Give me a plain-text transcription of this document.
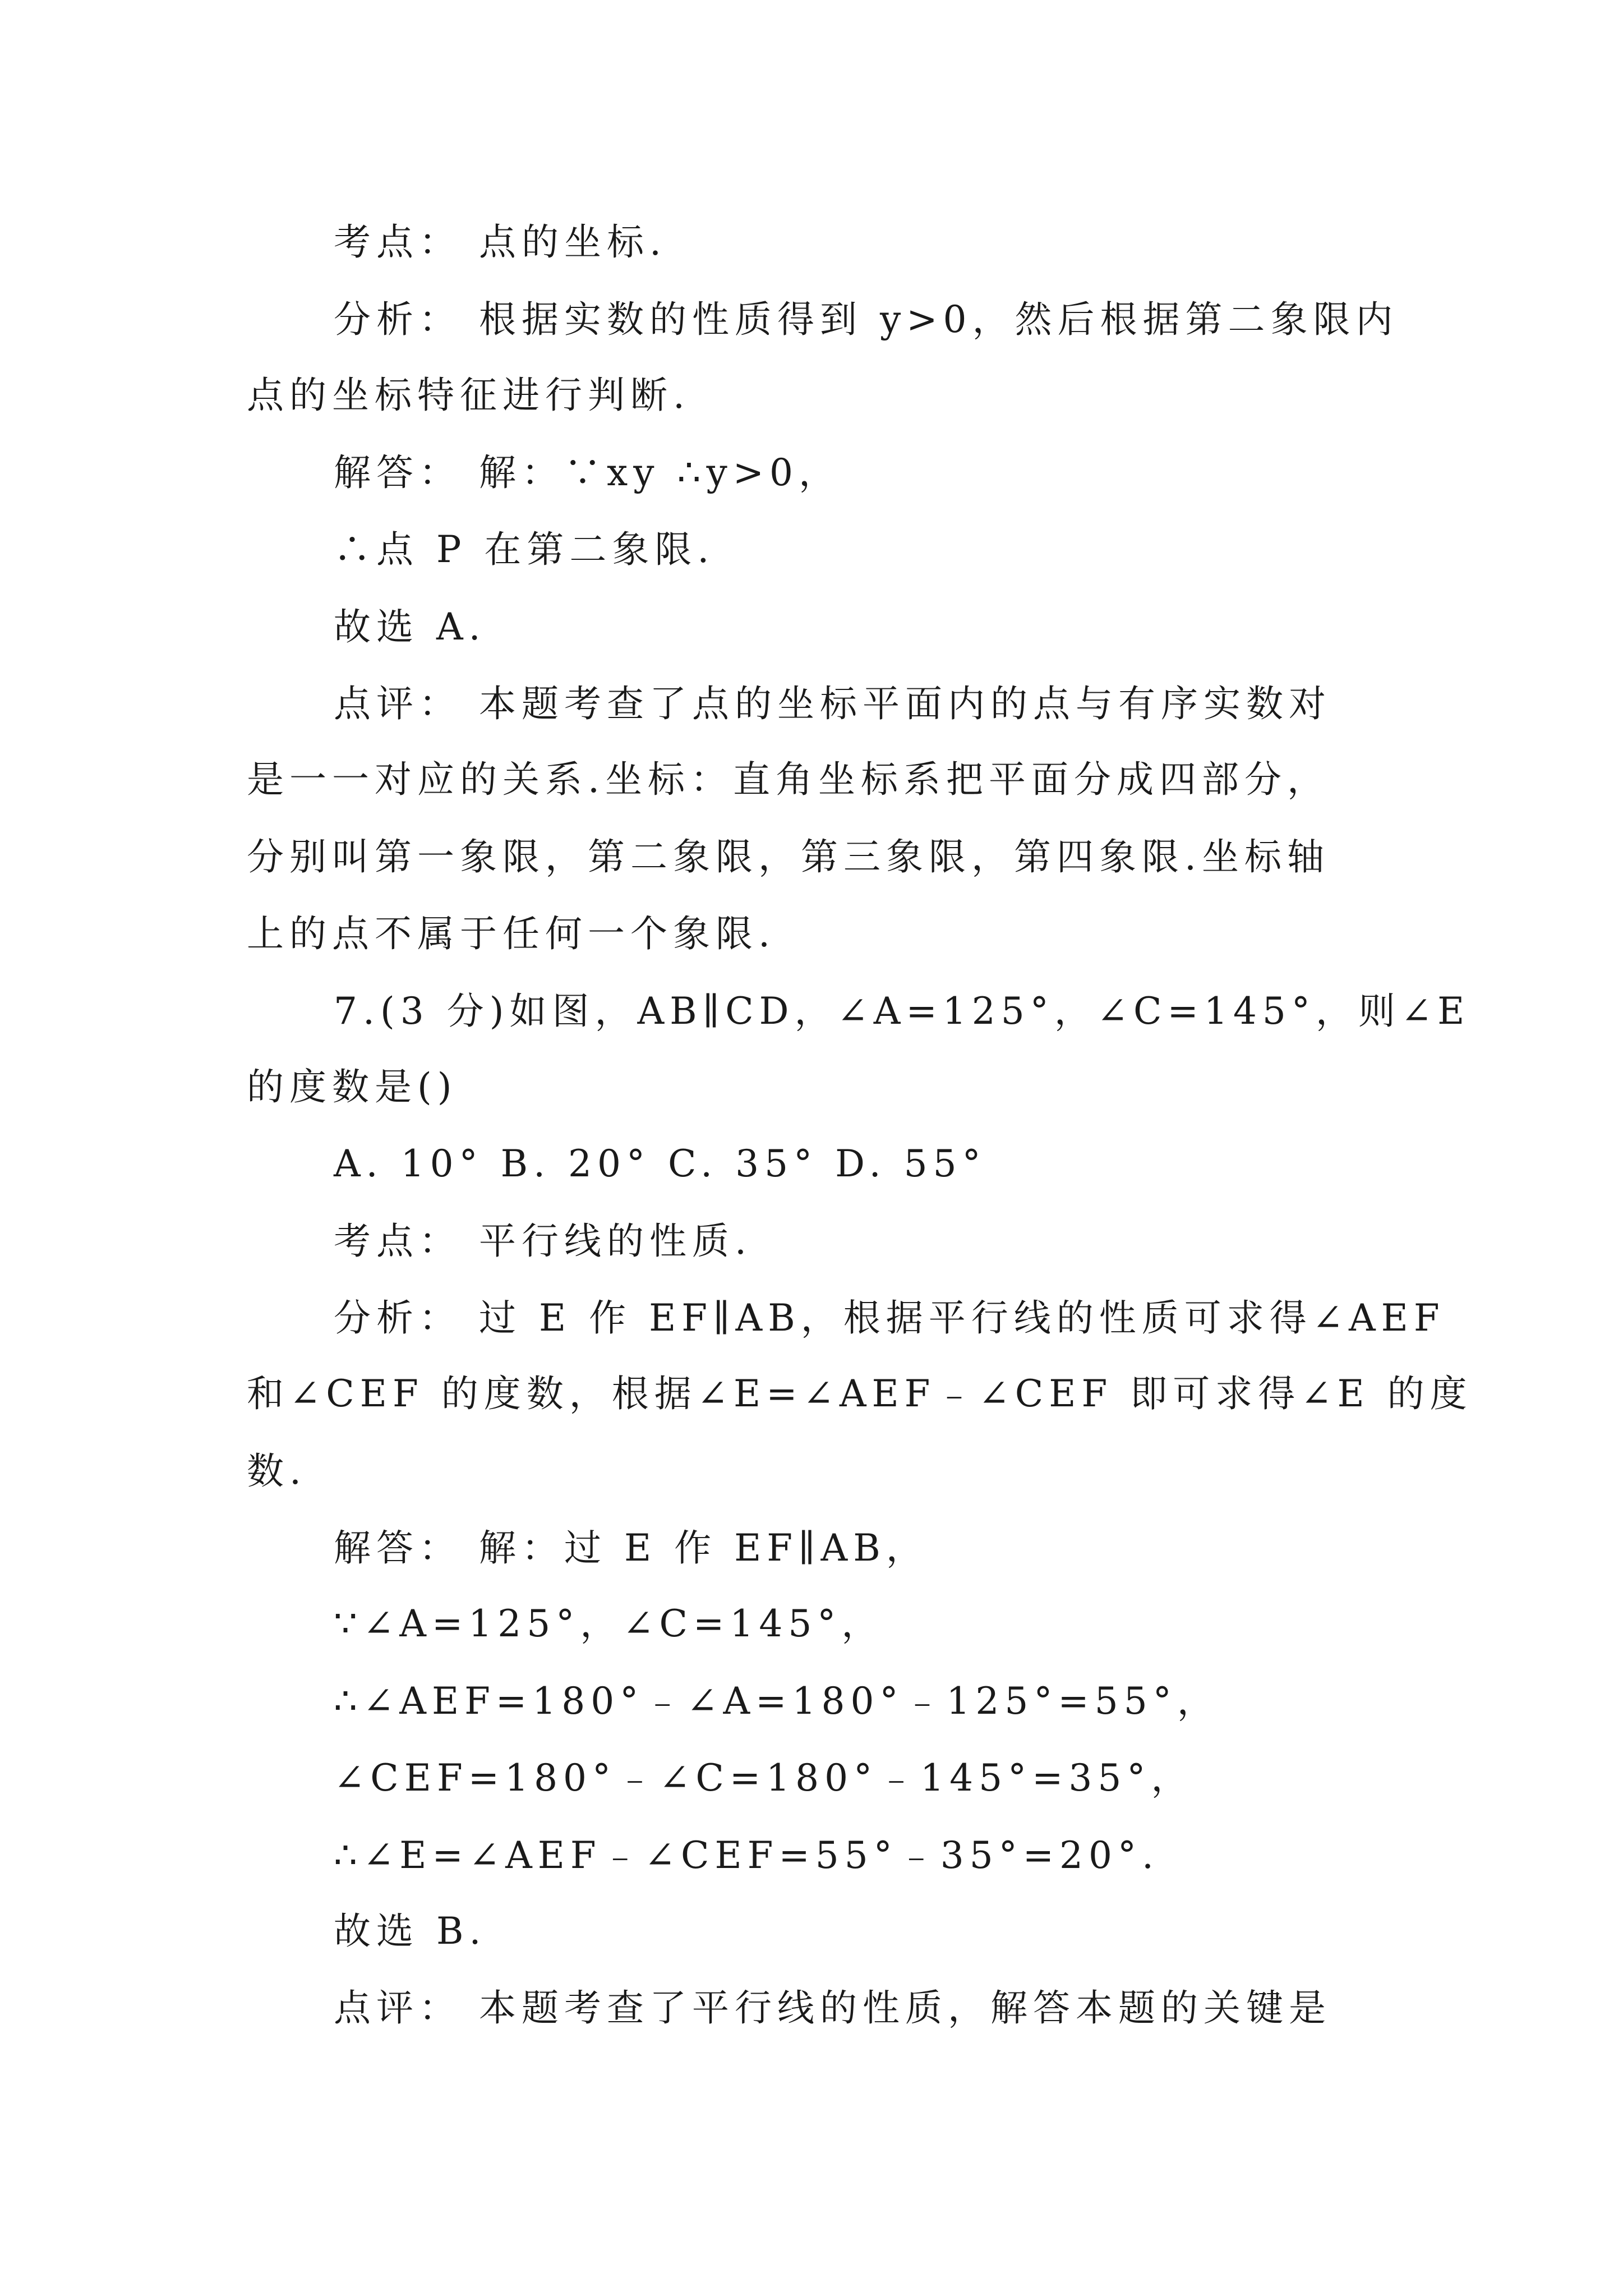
考点： 点的坐标.
分析： 根据实数的性质得到 y>0，然后根据第二象限内
点的坐标特征进行判断.
解答： 解：∵xy ∴y>0，
∴点 P 在第二象限.
故选 A.
点评： 本题考查了点的坐标平面内的点与有序实数对
是一一对应的关系.坐标：直角坐标系把平面分成四部分，
分别叫第一象限，第二象限，第三象限，第四象限.坐标轴
上的点不属于任何一个象限.
7.(3 分)如图，AB∥CD，∠A=125°，∠C=145°，则∠E
的度数是()
A. 10° B. 20° C. 35° D. 55°
考点： 平行线的性质.
分析： 过 E 作 EF∥AB，根据平行线的性质可求得∠AEF
和∠CEF 的度数，根据∠E=∠AEF﹣∠CEF 即可求得∠E 的度
数.
解答： 解：过 E 作 EF∥AB，
∵∠A=125°，∠C=145°，
∴∠AEF=180°﹣∠A=180°﹣125°=55°，
∠CEF=180°﹣∠C=180°﹣145°=35°，
∴∠E=∠AEF﹣∠CEF=55°﹣35°=20°.
故选 B.
点评： 本题考查了平行线的性质，解答本题的关键是
